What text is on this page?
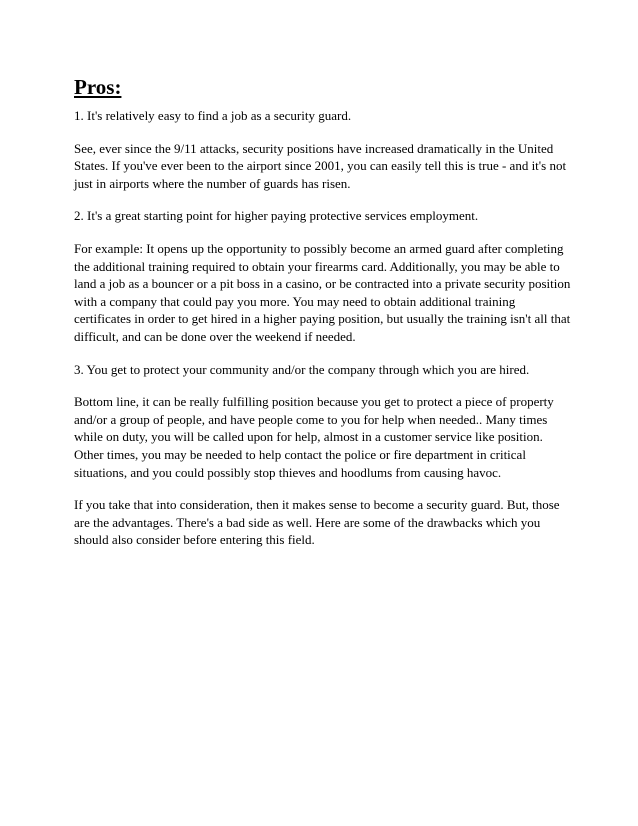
Pros:

1. It's relatively easy to find a job as a security guard.

See, ever since the 9/11 attacks, security positions have increased dramatically in the United States. If you've ever been to the airport since 2001, you can easily tell this is true - and it's not just in airports where the number of guards has risen.

2. It's a great starting point for higher paying protective services employment.

For example: It opens up the opportunity to possibly become an armed guard after completing the additional training required to obtain your firearms card. Additionally, you may be able to land a job as a bouncer or a pit boss in a casino, or be contracted into a private security position with a company that could pay you more. You may need to obtain additional training certificates in order to get hired in a higher paying position, but usually the training isn't all that difficult, and can be done over the weekend if needed.

3. You get to protect your community and/or the company through which you are hired.

Bottom line, it can be really fulfilling position because you get to protect a piece of property and/or a group of people, and have people come to you for help when needed.. Many times while on duty, you will be called upon for help, almost in a customer service like position. Other times, you may be needed to help contact the police or fire department in critical situations, and you could possibly stop thieves and hoodlums from causing havoc.

If you take that into consideration, then it makes sense to become a security guard. But, those are the advantages. There's a bad side as well. Here are some of the drawbacks which you should also consider before entering this field.
